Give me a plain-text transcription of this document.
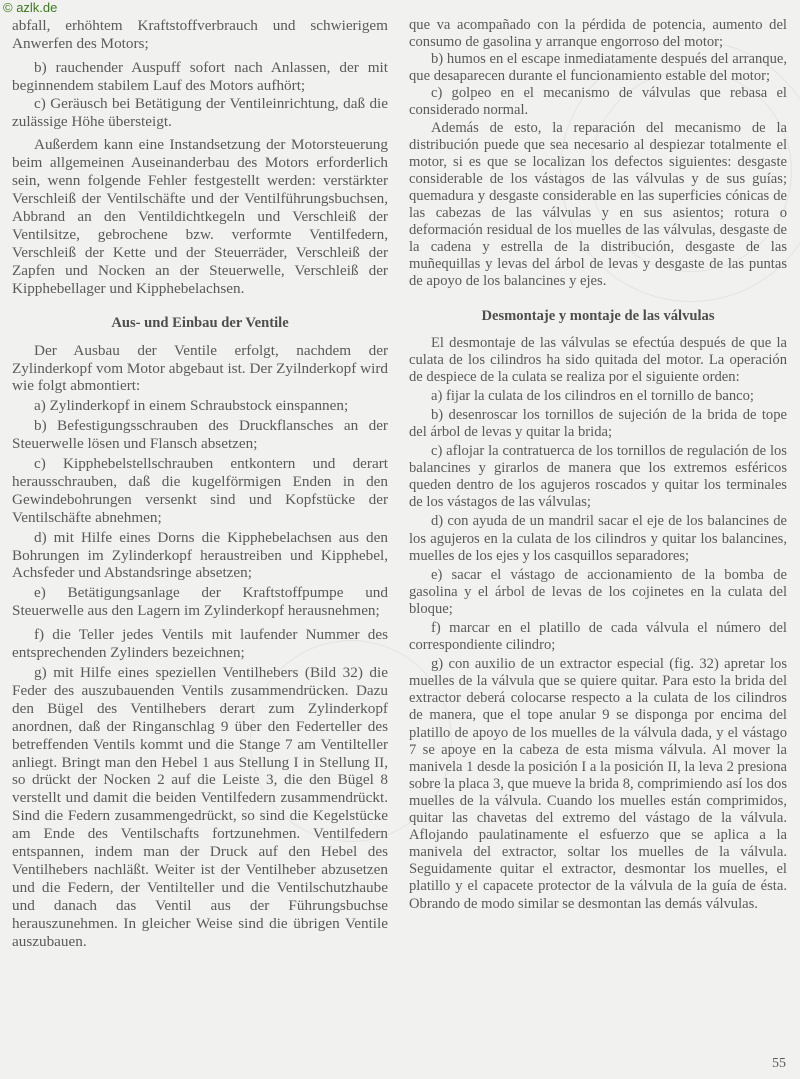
© azlk.de

abfall, erhöhtem Kraftstoffverbrauch und schwierigem Anwerfen des Motors;

b) rauchender Auspuff sofort nach Anlassen, der mit beginnendem stabilem Lauf des Motors aufhört;

c) Geräusch bei Betätigung der Ventileinrichtung, daß die zulässige Höhe übersteigt.

Außerdem kann eine Instandsetzung der Motorsteuerung beim allgemeinen Auseinanderbau des Motors erforderlich sein, wenn folgende Fehler festgestellt werden: verstärkter Verschleiß der Ventilschäfte und der Ventilführungsbuchsen, Abbrand an den Ventildichtkegeln und Verschleiß der Ventilsitze, gebrochene bzw. verformte Ventilfedern, Verschleiß der Kette und der Steuerräder, Verschleiß der Zapfen und Nocken an der Steuerwelle, Verschleiß der Kipphebellager und Kipphebelachsen.

Aus- und Einbau der Ventile

Der Ausbau der Ventile erfolgt, nachdem der Zylinderkopf vom Motor abgebaut ist. Der Zyilnderkopf wird wie folgt abmontiert:

a) Zylinderkopf in einem Schraubstock einspannen;

b) Befestigungsschrauben des Druckflansches an der Steuerwelle lösen und Flansch absetzen;

c) Kipphebelstellschrauben entkontern und derart herausschrauben, daß die kugelförmigen Enden in den Gewindebohrungen versenkt sind und Kopfstücke der Ventilschäfte abnehmen;

d) mit Hilfe eines Dorns die Kipphebelachsen aus den Bohrungen im Zylinderkopf heraustreiben und Kipphebel, Achsfeder und Abstandsringe absetzen;

e) Betätigungsanlage der Kraftstoffpumpe und Steuerwelle aus den Lagern im Zylinderkopf herausnehmen;

f) die Teller jedes Ventils mit laufender Nummer des entsprechenden Zylinders bezeichnen;

g) mit Hilfe eines speziellen Ventilhebers (Bild 32) die Feder des auszubauenden Ventils zusammendrücken. Dazu den Bügel des Ventilhebers derart zum Zylinderkopf anordnen, daß der Ringanschlag 9 über den Federteller des betreffenden Ventils kommt und die Stange 7 am Ventilteller anliegt. Bringt man den Hebel 1 aus Stellung I in Stellung II, so drückt der Nocken 2 auf die Leiste 3, die den Bügel 8 verstellt und damit die beiden Ventilfedern zusammendrückt. Sind die Federn zusammengedrückt, so sind die Kegelstücke am Ende des Ventilschafts fortzunehmen. Ventilfedern entspannen, indem man der Druck auf den Hebel des Ventilhebers nachläßt. Weiter ist der Ventilheber abzusetzen und die Federn, der Ventilteller und die Ventilschutzhaube und danach das Ventil aus der Führungsbuchse herauszunehmen. In gleicher Weise sind die übrigen Ventile auszubauen.

que va acompañado con la pérdida de potencia, aumento del consumo de gasolina y arranque engorroso del motor;

b) humos en el escape inmediatamente después del arranque, que desaparecen durante el funcionamiento estable del motor;

c) golpeo en el mecanismo de válvulas que rebasa el considerado normal.

Además de esto, la reparación del mecanismo de la distribución puede que sea necesario al despiezar totalmente el motor, si es que se localizan los defectos siguientes: desgaste considerable de los vástagos de las válvulas y de sus guías; quemadura y desgaste considerable en las superficies cónicas de las cabezas de las válvulas y en sus asientos; rotura o deformación residual de los muelles de las válvulas, desgaste de la cadena y estrella de la distribución, desgaste de las muñequillas y levas del árbol de levas y desgaste de las puntas de apoyo de los balancines y ejes.

Desmontaje y montaje de las válvulas

El desmontaje de las válvulas se efectúa después de que la culata de los cilindros ha sido quitada del motor. La operación de despiece de la culata se realiza por el siguiente orden:

a) fijar la culata de los cilindros en el tornillo de banco;

b) desenroscar los tornillos de sujeción de la brida de tope del árbol de levas y quitar la brida;

c) aflojar la contratuerca de los tornillos de regulación de los balancines y girarlos de manera que los extremos esféricos queden dentro de los agujeros roscados y quitar los terminales de los vástagos de las válvulas;

d) con ayuda de un mandril sacar el eje de los balancines de los agujeros en la culata de los cilindros y quitar los balancines, muelles de los ejes y los casquillos separadores;

e) sacar el vástago de accionamiento de la bomba de gasolina y el árbol de levas de los cojinetes en la culata del bloque;

f) marcar en el platillo de cada válvula el número del correspondiente cilindro;

g) con auxilio de un extractor especial (fig. 32) apretar los muelles de la válvula que se quiere quitar. Para esto la brida del extractor deberá colocarse respecto a la culata de los cilindros de manera, que el tope anular 9 se disponga por encima del platillo de apoyo de los muelles de la válvula dada, y el vástago 7 se apoye en la cabeza de esta misma válvula. Al mover la manivela 1 desde la posición I a la posición II, la leva 2 presiona sobre la placa 3, que mueve la brida 8, comprimiendo así los dos muelles de la válvula. Cuando los muelles están comprimidos, quitar las chavetas del extremo del vástago de la válvula. Aflojando paulatinamente el esfuerzo que se aplica a la manivela del extractor, soltar los muelles de la válvula. Seguidamente quitar el extractor, desmontar los muelles, el platillo y el capacete protector de la válvula de la guía de ésta. Obrando de modo similar se desmontan las demás válvulas.

55
